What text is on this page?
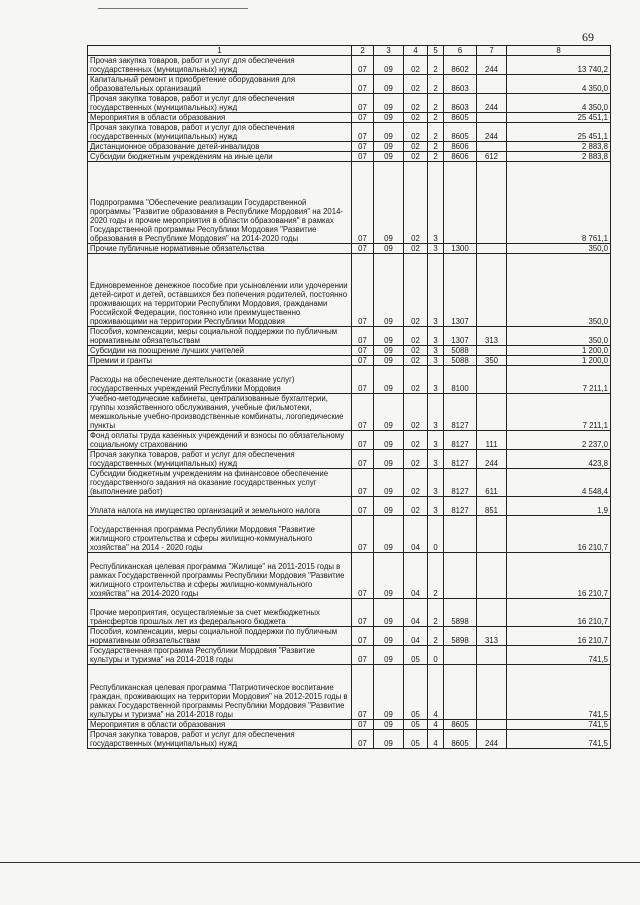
69
1	2	3	4	5	6	7	8
Прочая закупка товаров, работ и услуг для обеспечения государственных (муниципальных) нужд	07	09	02	2	8602	244	13 740,2
Капитальный ремонт и приобретение оборудования для образовательных организаций	07	09	02	2	8603		4 350,0
Прочая закупка товаров, работ и услуг для обеспечения государственных (муниципальных) нужд	07	09	02	2	8603	244	4 350,0
Мероприятия в области образования	07	09	02	2	8605		25 451,1
Прочая закупка товаров, работ и услуг для обеспечения государственных (муниципальных) нужд	07	09	02	2	8605	244	25 451,1
Дистанционное образование детей-инвалидов	07	09	02	2	8606		2 883,8
Субсидии бюджетным учреждениям на иные цели	07	09	02	2	8606	612	2 883,8
Подпрограмма "Обеспечение реализации Государственной программы "Развитие образования в Республике Мордовия" на 2014-2020 годы и прочие мероприятия в области образования" в рамках Государственной программы Республики Мордовия "Развитие образования в Республике Мордовия" на 2014-2020 годы	07	09	02	3			8 761,1
Прочие публичные нормативные обязательства	07	09	02	3	1300		350,0
Единовременное денежное пособие при усыновлении или удочерении детей-сирот и детей, оставшихся без попечения родителей, постоянно проживающих на территории Республики Мордовия, гражданами Российской Федерации, постоянно или преимущественно проживающими на территории Республики Мордовия	07	09	02	3	1307		350,0
Пособия, компенсации, меры социальной поддержки по публичным нормативным обязательствам	07	09	02	3	1307	313	350,0
Субсидии на поощрение лучших учителей	07	09	02	3	5088		1 200,0
Премии и гранты	07	09	02	3	5088	350	1 200,0
Расходы на обеспечение деятельности (оказание услуг) государственных учреждений Республики Мордовия	07	09	02	3	8100		7 211,1
Учебно-методические кабинеты, централизованные бухгалтерии, группы хозяйственного обслуживания, учебные фильмотеки, межшкольные учебно-производственные комбинаты, логопедические пункты	07	09	02	3	8127		7 211,1
Фонд оплаты труда казенных учреждений и взносы по обязательному социальному страхованию	07	09	02	3	8127	111	2 237,0
Прочая закупка товаров, работ и услуг для обеспечения государственных (муниципальных) нужд	07	09	02	3	8127	244	423,8
Субсидии бюджетным учреждениям на финансовое обеспечение государственного задания на оказание государственных услуг (выполнение работ)	07	09	02	3	8127	611	4 548,4
Уплата налога на имущество организаций и земельного налога	07	09	02	3	8127	851	1,9
Государственная программа Республики Мордовия "Развитие жилищного строительства и сферы жилищно-коммунального хозяйства" на 2014 - 2020 годы	07	09	04	0			16 210,7
Республиканская целевая программа "Жилище" на 2011-2015 годы в рамках Государственной программы Республики Мордовия "Развитие жилищного строительства и сферы жилищно-коммунального хозяйства" на 2014-2020 годы	07	09	04	2			16 210,7
Прочие мероприятия, осуществляемые за счет межбюджетных трансфертов прошлых лет из федерального бюджета	07	09	04	2	5898		16 210,7
Пособия, компенсации, меры социальной поддержки по публичным нормативным обязательствам	07	09	04	2	5898	313	16 210,7
Государственная программа Республики Мордовия "Развитие культуры и туризма" на 2014-2018 годы	07	09	05	0			741,5
Республиканская целевая программа "Патриотическое воспитание граждан, проживающих на территории Мордовия" на 2012-2015 годы в рамках Государственной программы Республики Мордовия "Развитие культуры и туризма" на 2014-2018 годы	07	09	05	4			741,5
Мероприятия в области образования	07	09	05	4	8605		741,5
Прочая закупка товаров, работ и услуг для обеспечения государственных (муниципальных) нужд	07	09	05	4	8605	244	741,5
